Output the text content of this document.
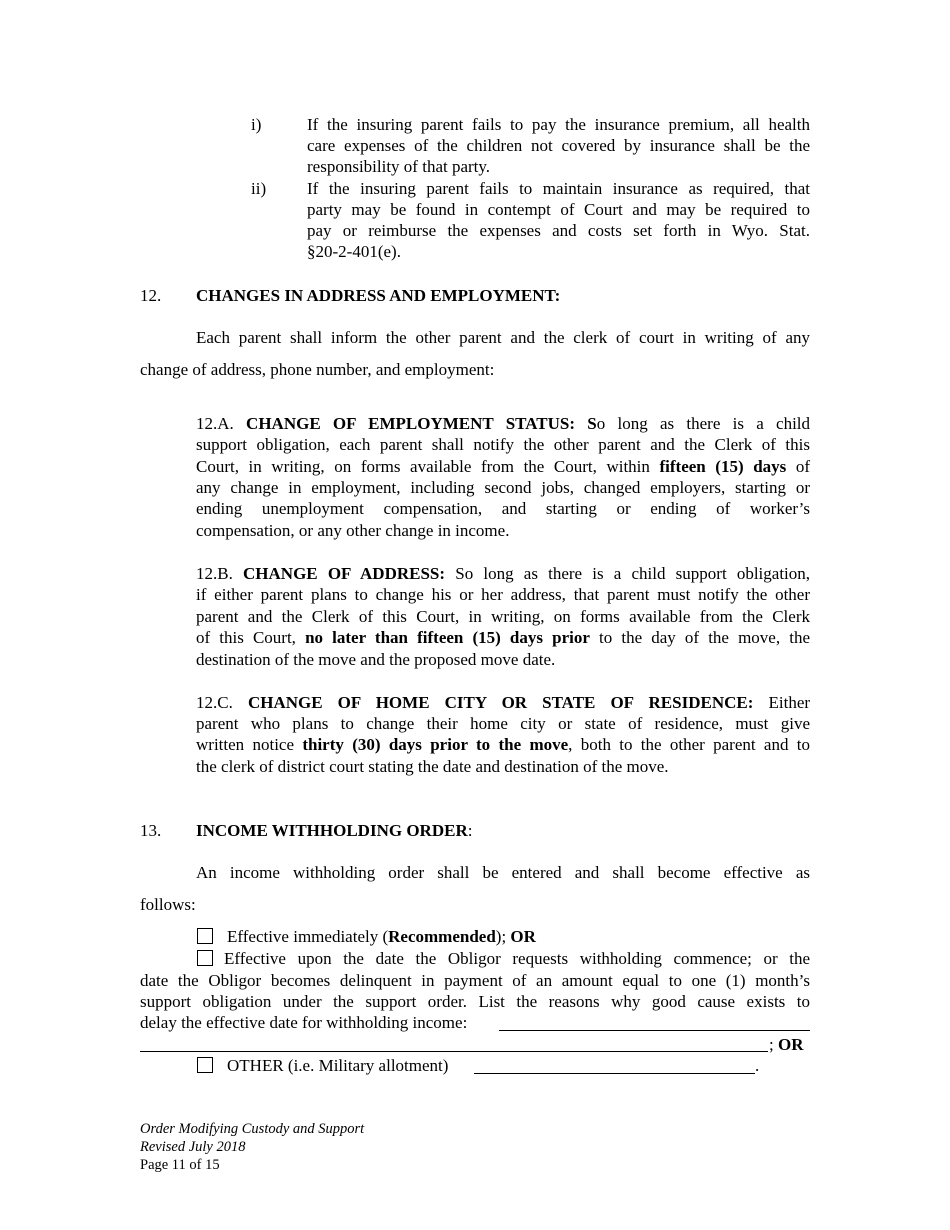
i)	If the insuring parent fails to pay the insurance premium, all health
care expenses of the children not covered by insurance shall be the
responsibility of that party.
ii) If the insuring parent fails to maintain insurance as required, that
party may be found in contempt of Court and may be required to
pay or reimburse the expenses and costs set forth in Wyo. Stat.
§20-2-401(e).
12. CHANGES IN ADDRESS AND EMPLOYMENT:
Each parent shall inform the other parent and the clerk of court in writing of any
change of address, phone number, and employment:
12.A. CHANGE OF EMPLOYMENT STATUS: So long as there is a child
support obligation, each parent shall notify the other parent and the Clerk of this
Court, in writing, on forms available from the Court, within fifteen (15) days of
any change in employment, including second jobs, changed employers, starting or
ending unemployment compensation, and starting or ending of worker’s
compensation, or any other change in income.
12.B. CHANGE OF ADDRESS: So long as there is a child support obligation,
if either parent plans to change his or her address, that parent must notify the other
parent and the Clerk of this Court, in writing, on forms available from the Clerk
of this Court, no later than fifteen (15) days prior to the day of the move, the
destination of the move and the proposed move date.
12.C. CHANGE OF HOME CITY OR STATE OF RESIDENCE: Either
parent who plans to change their home city or state of residence, must give
written notice thirty (30) days prior to the move, both to the other parent and to
the clerk of district court stating the date and destination of the move.
13. INCOME WITHHOLDING ORDER:
An income withholding order shall be entered and shall become effective as
follows:
Effective immediately (Recommended); OR
Effective upon the date the Obligor requests withholding commence; or the
date the Obligor becomes delinquent in payment of an amount equal to one (1) month’s
support obligation under the support order. List the reasons why good cause exists to
delay the effective date for withholding income:
; OR
OTHER (i.e. Military allotment)	.
Order Modifying Custody and Support
Revised July 2018
Page 11 of 15
